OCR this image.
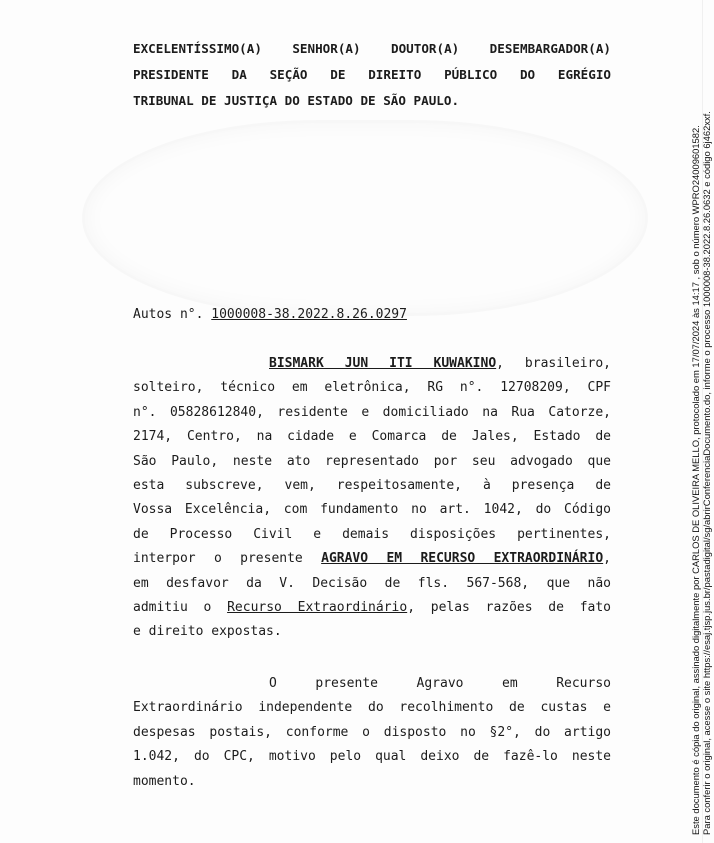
EXCELENTÍSSIMO(A) SENHOR(A) DOUTOR(A) DESEMBARGADOR(A)
PRESIDENTE DA SEÇÃO DE DIREITO PÚBLICO DO EGRÉGIO
TRIBUNAL DE JUSTIÇA DO ESTADO DE SÃO PAULO.
Autos n°. 1000008-38.2022.8.26.0297
BISMARK JUN ITI KUWAKINO, brasileiro,
solteiro, técnico em eletrônica, RG n°. 12708209, CPF
n°. 05828612840, residente e domiciliado na Rua Catorze,
2174, Centro, na cidade e Comarca de Jales, Estado de
São Paulo, neste ato representado por seu advogado que
esta subscreve, vem, respeitosamente, à presença de
Vossa Excelência, com fundamento no art. 1042, do Código
de Processo Civil e demais disposições pertinentes,
interpor o presente AGRAVO EM RECURSO EXTRAORDINÁRIO,
em desfavor da V. Decisão de fls. 567-568, que não
admitiu o Recurso Extraordinário, pelas razões de fato
e direito expostas.
O presente Agravo em Recurso
Extraordinário independente do recolhimento de custas e
despesas postais, conforme o disposto no §2°, do artigo
1.042, do CPC, motivo pelo qual deixo de fazê-lo neste
momento.	Este documento é cópia do original, assinado digitalmente por CARLOS DE OLIVEIRA MELLO, protocolado em 17/07/2024 às 14:17 , sob o número WPRO24009601582. Para conferir o original, acesse o site https://esaj.tjsp.jus.br/pastadigital/sg/abrirConferenciaDocumento.do, informe o processo 1000008-38.2022.8.26.0632 e código 6j462xxf.
